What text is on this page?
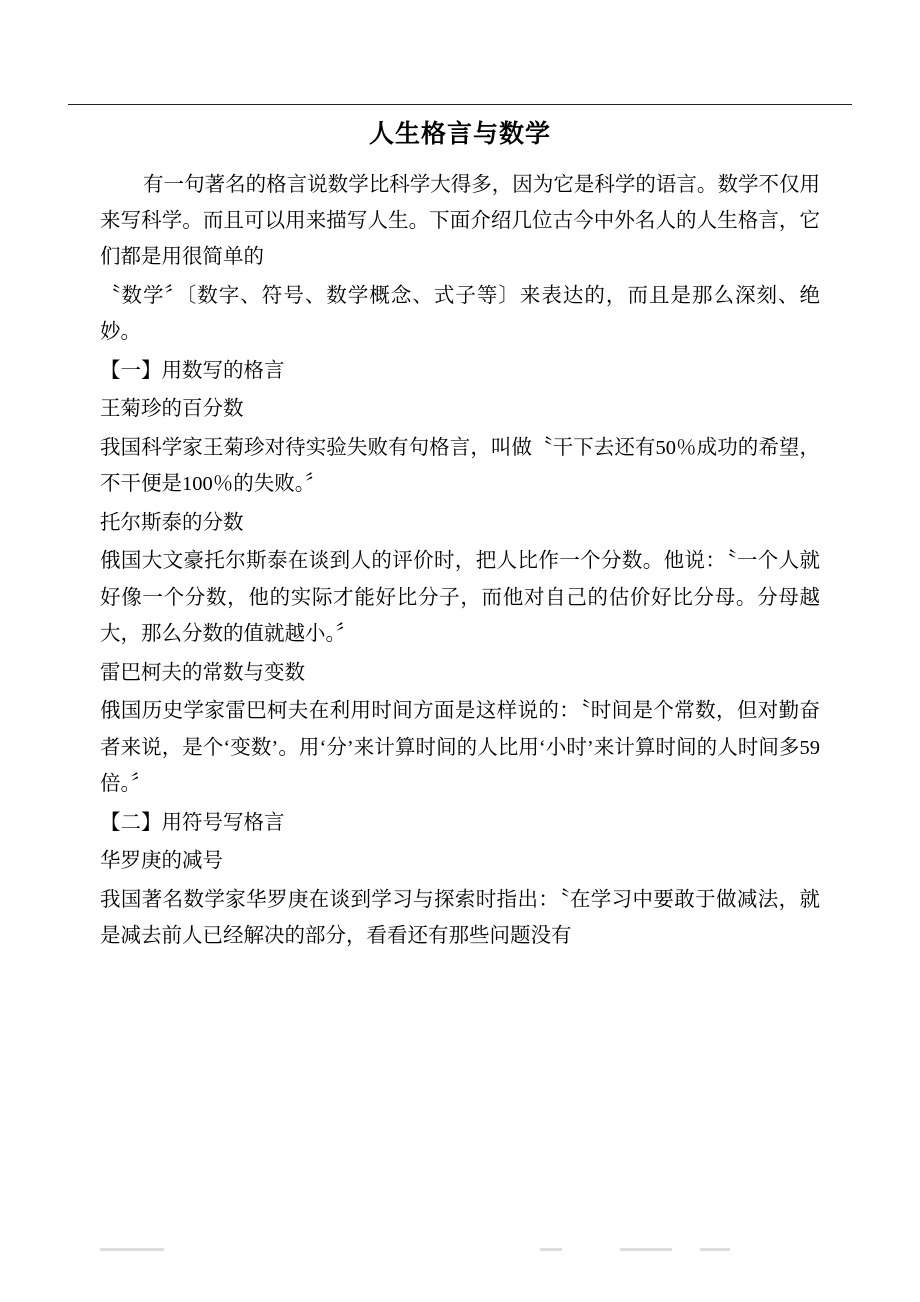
人生格言与数学

有一句著名的格言说数学比科学大得多，因为它是科学的语言。数学不仅用来写科学。而且可以用来描写人生。下面介绍几位古今中外名人的人生格言，它们都是用很简单的

〝数学〞〔数字、符号、数学概念、式子等〕来表达的，而且是那么深刻、绝妙。

【一】用数写的格言

王菊珍的百分数

我国科学家王菊珍对待实验失败有句格言，叫做〝干下去还有50％成功的希望，不干便是100％的失败。〞

托尔斯泰的分数

俄国大文豪托尔斯泰在谈到人的评价时，把人比作一个分数。他说：〝一个人就好像一个分数，他的实际才能好比分子，而他对自己的估价好比分母。分母越大，那么分数的值就越小。〞

雷巴柯夫的常数与变数

俄国历史学家雷巴柯夫在利用时间方面是这样说的：〝时间是个常数，但对勤奋者来说，是个‘变数’。用‘分’来计算时间的人比用‘小时’来计算时间的人时间多59倍。〞

【二】用符号写格言

华罗庚的减号

我国著名数学家华罗庚在谈到学习与探索时指出：〝在学习中要敢于做减法，就是减去前人已经解决的部分，看看还有那些问题没有
